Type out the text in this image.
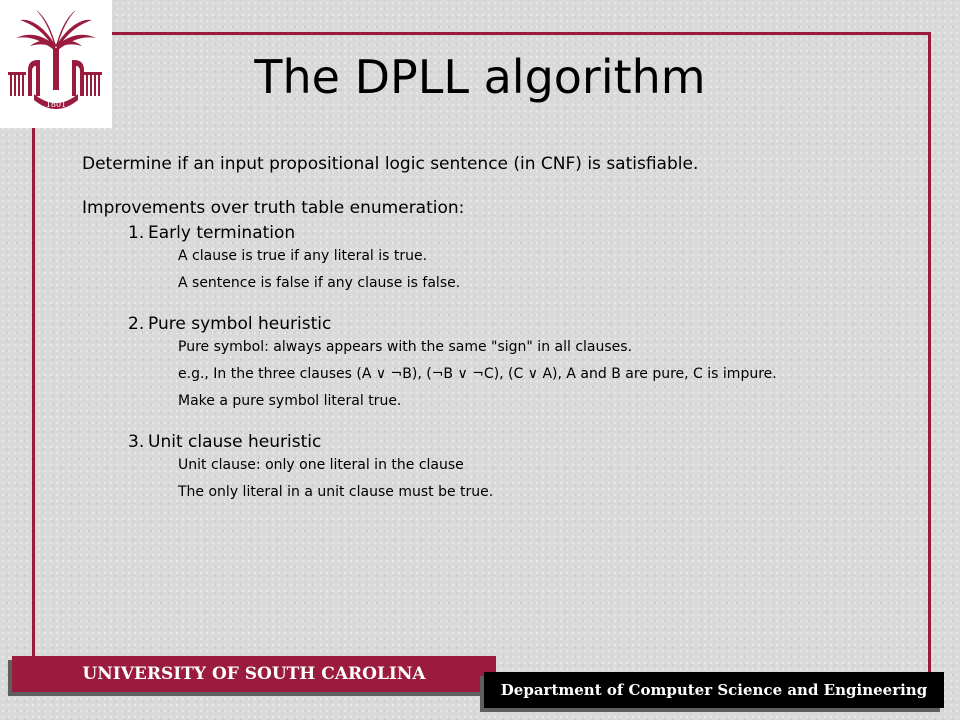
1801
The DPLL algorithm

Determine if an input propositional logic sentence (in CNF) is satisfiable.

Improvements over truth table enumeration:

1. Early termination
A clause is true if any literal is true.
A sentence is false if any clause is false.
2. Pure symbol heuristic
Pure symbol: always appears with the same "sign" in all clauses.
e.g., In the three clauses (A ∨ ¬B), (¬B ∨ ¬C), (C ∨ A), A and B are pure, C is impure.
Make a pure symbol literal true.
3. Unit clause heuristic
Unit clause: only one literal in the clause
The only literal in a unit clause must be true.
UNIVERSITY OF SOUTH CAROLINA
Department of Computer Science and Engineering
